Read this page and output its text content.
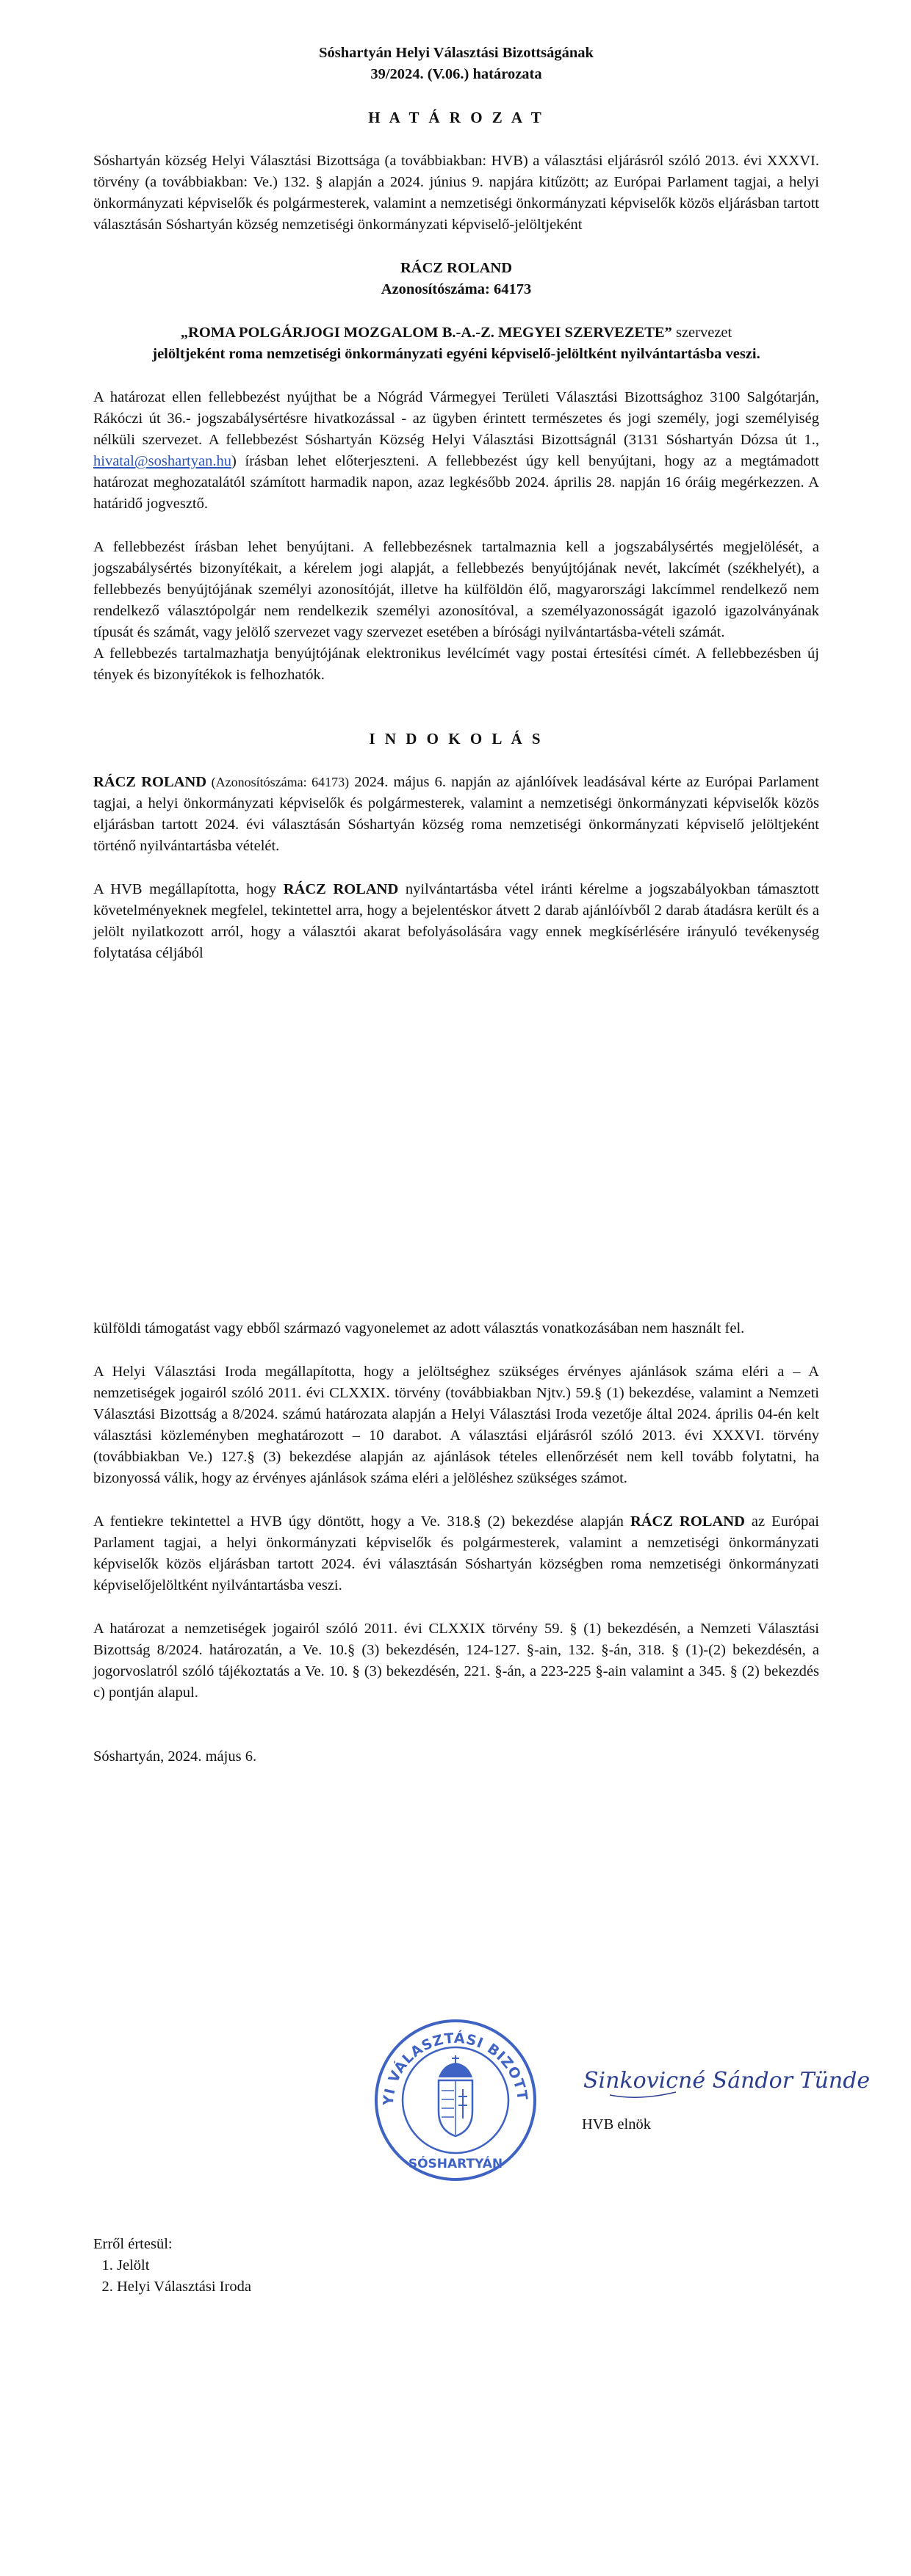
Sóshartyán Helyi Választási Bizottságának

39/2024. (V.06.) határozata

H A T Á R O Z A T

Sóshartyán község Helyi Választási Bizottsága (a továbbiakban: HVB) a választási eljárásról szóló 2013. évi XXXVI. törvény (a továbbiakban: Ve.) 132. § alapján a 2024. június 9. napjára kitűzött; az Európai Parlament tagjai, a helyi önkormányzati képviselők és polgármesterek, valamint a nemzetiségi önkormányzati képviselők közös eljárásban tartott választásán Sóshartyán község nemzetiségi önkormányzati képviselő-jelöltjeként

RÁCZ ROLAND

Azonosítószáma: 64173

„ROMA POLGÁRJOGI MOZGALOM B.-A.-Z. MEGYEI SZERVEZETE” szervezet

jelöltjeként roma nemzetiségi önkormányzati egyéni képviselő-jelöltként nyilvántartásba veszi.

A határozat ellen fellebbezést nyújthat be a Nógrád Vármegyei Területi Választási Bizottsághoz 3100 Salgótarján, Rákóczi út 36.- jogszabálysértésre hivatkozással - az ügyben érintett természetes és jogi személy, jogi személyiség nélküli szervezet. A fellebbezést Sóshartyán Község Helyi Választási Bizottságnál (3131 Sóshartyán Dózsa út 1., hivatal@soshartyan.hu) írásban lehet előterjeszteni. A fellebbezést úgy kell benyújtani, hogy az a megtámadott határozat meghozatalától számított harmadik napon, azaz legkésőbb 2024. április 28. napján 16 óráig megérkezzen. A határidő jogvesztő.

A fellebbezést írásban lehet benyújtani. A fellebbezésnek tartalmaznia kell a jogszabálysértés megjelölését, a jogszabálysértés bizonyítékait, a kérelem jogi alapját, a fellebbezés benyújtójának nevét, lakcímét (székhelyét), a fellebbezés benyújtójának személyi azonosítóját, illetve ha külföldön élő, magyarországi lakcímmel rendelkező nem rendelkező választópolgár nem rendelkezik személyi azonosítóval, a személyazonosságát igazoló igazolványának típusát és számát, vagy jelölő szervezet vagy szervezet esetében a bírósági nyilvántartásba-vételi számát.

A fellebbezés tartalmazhatja benyújtójának elektronikus levélcímét vagy postai értesítési címét. A fellebbezésben új tények és bizonyítékok is felhozhatók.

I N D O K O L Á S

RÁCZ ROLAND (Azonosítószáma: 64173) 2024. május 6. napján az ajánlóívek leadásával kérte az Európai Parlament tagjai, a helyi önkormányzati képviselők és polgármesterek, valamint a nemzetiségi önkormányzati képviselők közös eljárásban tartott 2024. évi választásán Sóshartyán község roma nemzetiségi önkormányzati képviselő jelöltjeként történő nyilvántartásba vételét.

A HVB megállapította, hogy RÁCZ ROLAND nyilvántartásba vétel iránti kérelme a jogszabályokban támasztott követelményeknek megfelel, tekintettel arra, hogy a bejelentéskor átvett 2 darab ajánlóívből 2 darab átadásra került és a jelölt nyilatkozott arról, hogy a választói akarat befolyásolására vagy ennek megkísérlésére irányuló tevékenység folytatása céljából

külföldi támogatást vagy ebből származó vagyonelemet az adott választás vonatkozásában nem használt fel.

A Helyi Választási Iroda megállapította, hogy a jelöltséghez szükséges érvényes ajánlások száma eléri a – A nemzetiségek jogairól szóló 2011. évi CLXXIX. törvény (továbbiakban Njtv.) 59.§ (1) bekezdése, valamint a Nemzeti Választási Bizottság a 8/2024. számú határozata alapján a Helyi Választási Iroda vezetője által 2024. április 04-én kelt választási közleményben meghatározott – 10 darabot. A választási eljárásról szóló 2013. évi XXXVI. törvény (továbbiakban Ve.) 127.§ (3) bekezdése alapján az ajánlások tételes ellenőrzését nem kell tovább folytatni, ha bizonyossá válik, hogy az érvényes ajánlások száma eléri a jelöléshez szükséges számot.

A fentiekre tekintettel a HVB úgy döntött, hogy a Ve. 318.§ (2) bekezdése alapján RÁCZ ROLAND az Európai Parlament tagjai, a helyi önkormányzati képviselők és polgármesterek, valamint a nemzetiségi önkormányzati képviselők közös eljárásban tartott 2024. évi választásán Sóshartyán községben roma nemzetiségi önkormányzati képviselőjelöltként nyilvántartásba veszi.

A határozat a nemzetiségek jogairól szóló 2011. évi CLXXIX törvény 59. § (1) bekezdésén, a Nemzeti Választási Bizottság 8/2024. határozatán, a Ve. 10.§ (3) bekezdésén, 124-127. §-ain, 132. §-án, 318. § (1)-(2) bekezdésén, a jogorvoslatról szóló tájékoztatás a Ve. 10. § (3) bekezdésén, 221. §-án, a 223-225 §-ain valamint a 345. § (2) bekezdés c) pontján alapul.

Sóshartyán, 2024. május 6.

YI VÁLASZTÁSI BIZOTT
SÓSHARTYÁN
Sinkovicné Sándor Tünde
HVB elnök

Erről értesül:

1. Jelölt
2. Helyi Választási Iroda
